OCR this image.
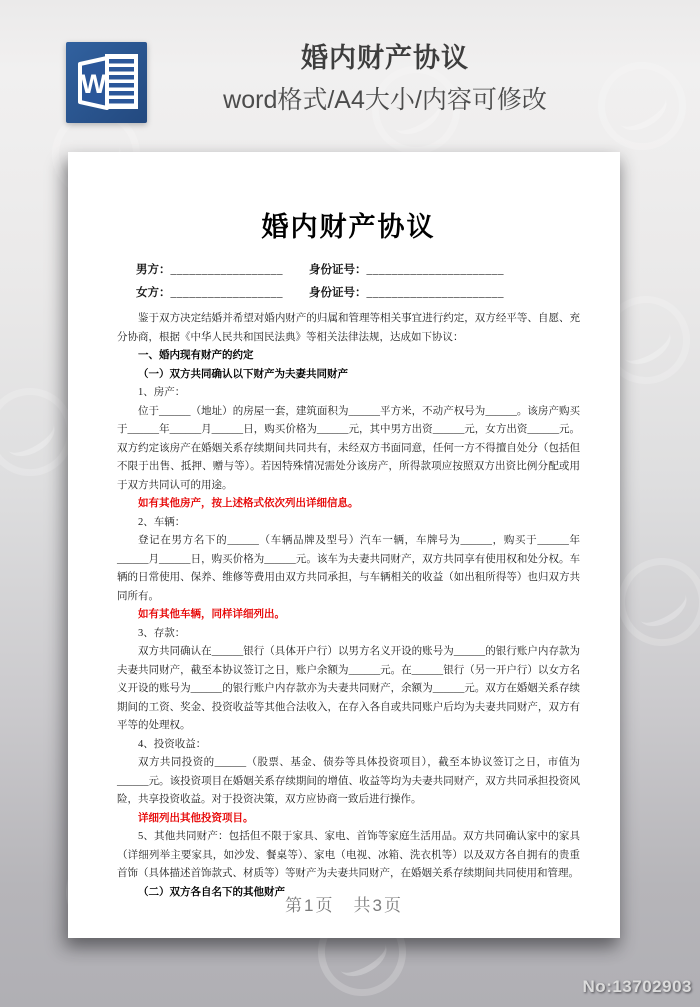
W
婚内财产协议
word格式/A4大小/内容可修改
婚内财产协议
男方：__________________ 身份证号：______________________
女方：__________________ 身份证号：______________________

鉴于双方决定结婚并希望对婚内财产的归属和管理等相关事宜进行约定，双方经平等、自愿、充分协商，根据《中华人民共和国民法典》等相关法律法规，达成如下协议：

一、婚内现有财产的约定

（一）双方共同确认以下财产为夫妻共同财产

1、房产：

位于______（地址）的房屋一套，建筑面积为______平方米，不动产权号为______。该房产购买于______年______月______日，购买价格为______元，其中男方出资______元，女方出资______元。双方约定该房产在婚姻关系存续期间共同共有，未经双方书面同意，任何一方不得擅自处分（包括但不限于出售、抵押、赠与等）。若因特殊情况需处分该房产，所得款项应按照双方出资比例分配或用于双方共同认可的用途。

如有其他房产，按上述格式依次列出详细信息。

2、车辆：

登记在男方名下的______（车辆品牌及型号）汽车一辆，车牌号为______，购买于______年______月______日，购买价格为______元。该车为夫妻共同财产，双方共同享有使用权和处分权。车辆的日常使用、保养、维修等费用由双方共同承担，与车辆相关的收益（如出租所得等）也归双方共同所有。

如有其他车辆，同样详细列出。

3、存款：

双方共同确认在______银行（具体开户行）以男方名义开设的账号为______的银行账户内存款为夫妻共同财产，截至本协议签订之日，账户余额为______元。在______银行（另一开户行）以女方名义开设的账号为______的银行账户内存款亦为夫妻共同财产，余额为______元。双方在婚姻关系存续期间的工资、奖金、投资收益等其他合法收入，在存入各自或共同账户后均为夫妻共同财产，双方有平等的处理权。

4、投资收益：

双方共同投资的______（股票、基金、债券等具体投资项目），截至本协议签订之日，市值为______元。该投资项目在婚姻关系存续期间的增值、收益等均为夫妻共同财产，双方共同承担投资风险，共享投资收益。对于投资决策，双方应协商一致后进行操作。

详细列出其他投资项目。

5、其他共同财产：包括但不限于家具、家电、首饰等家庭生活用品。双方共同确认家中的家具（详细列举主要家具，如沙发、餐桌等）、家电（电视、冰箱、洗衣机等）以及双方各自拥有的贵重首饰（具体描述首饰款式、材质等）等财产为夫妻共同财产，在婚姻关系存续期间共同使用和管理。

（二）双方各自名下的其他财产

第1页　共3页
No:13702903
